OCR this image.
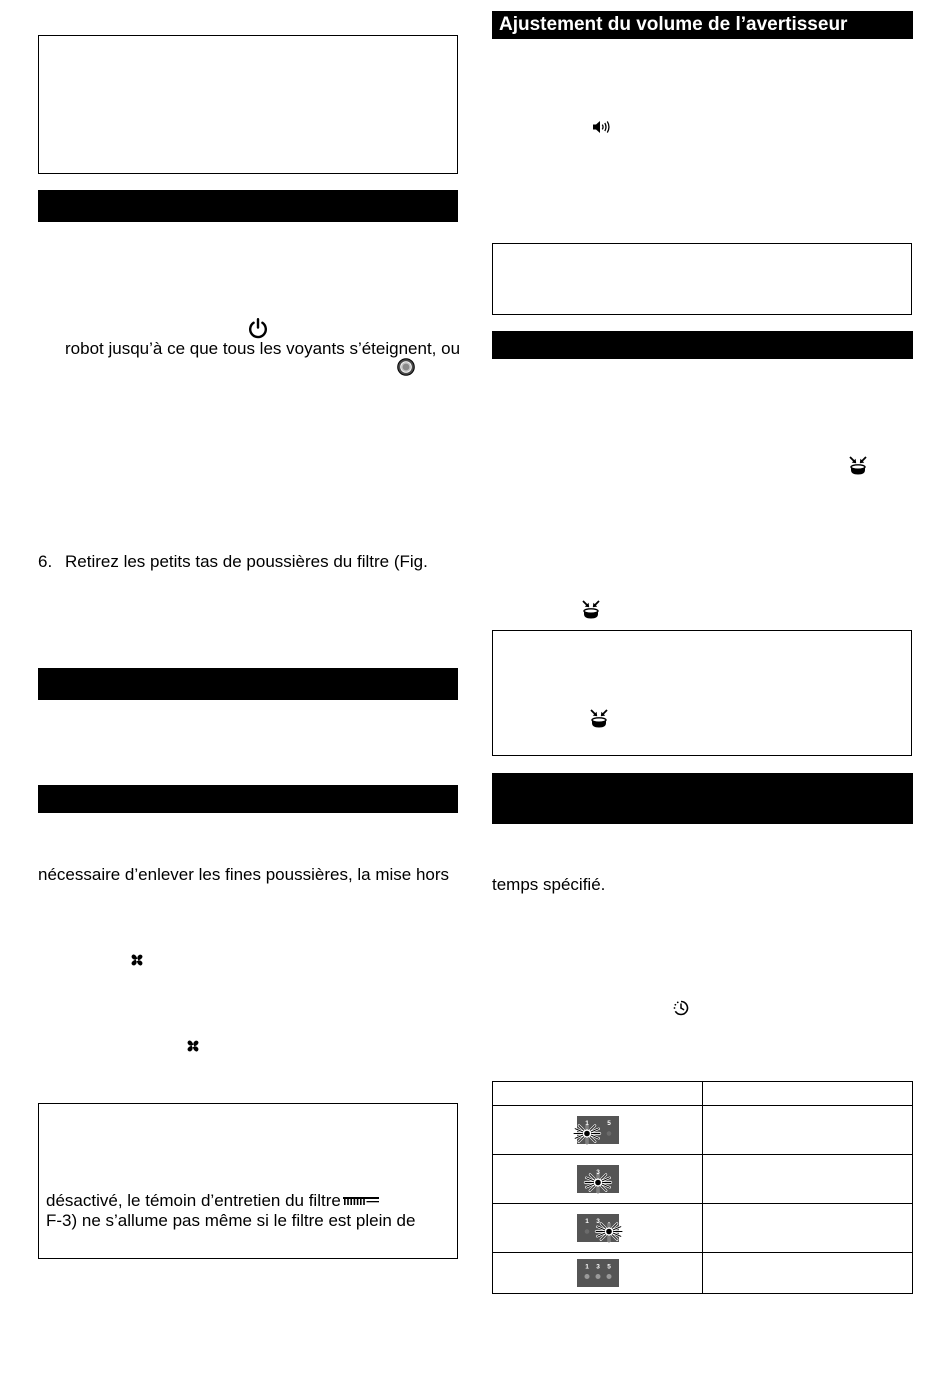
robot jusqu’à ce que tous les voyants s’éteignent, ou
6. Retirez les petits tas de poussières du filtre (Fig.
nécessaire d’enlever les fines poussières, la mise hors
désactivé, le témoin d’entretien du filtre
F-3) ne s’allume pas même si le filtre est plein de
Ajustement du volume de l’avertisseur
temps spécifié.

1 5	

3	

1 3	

1 3 5	
